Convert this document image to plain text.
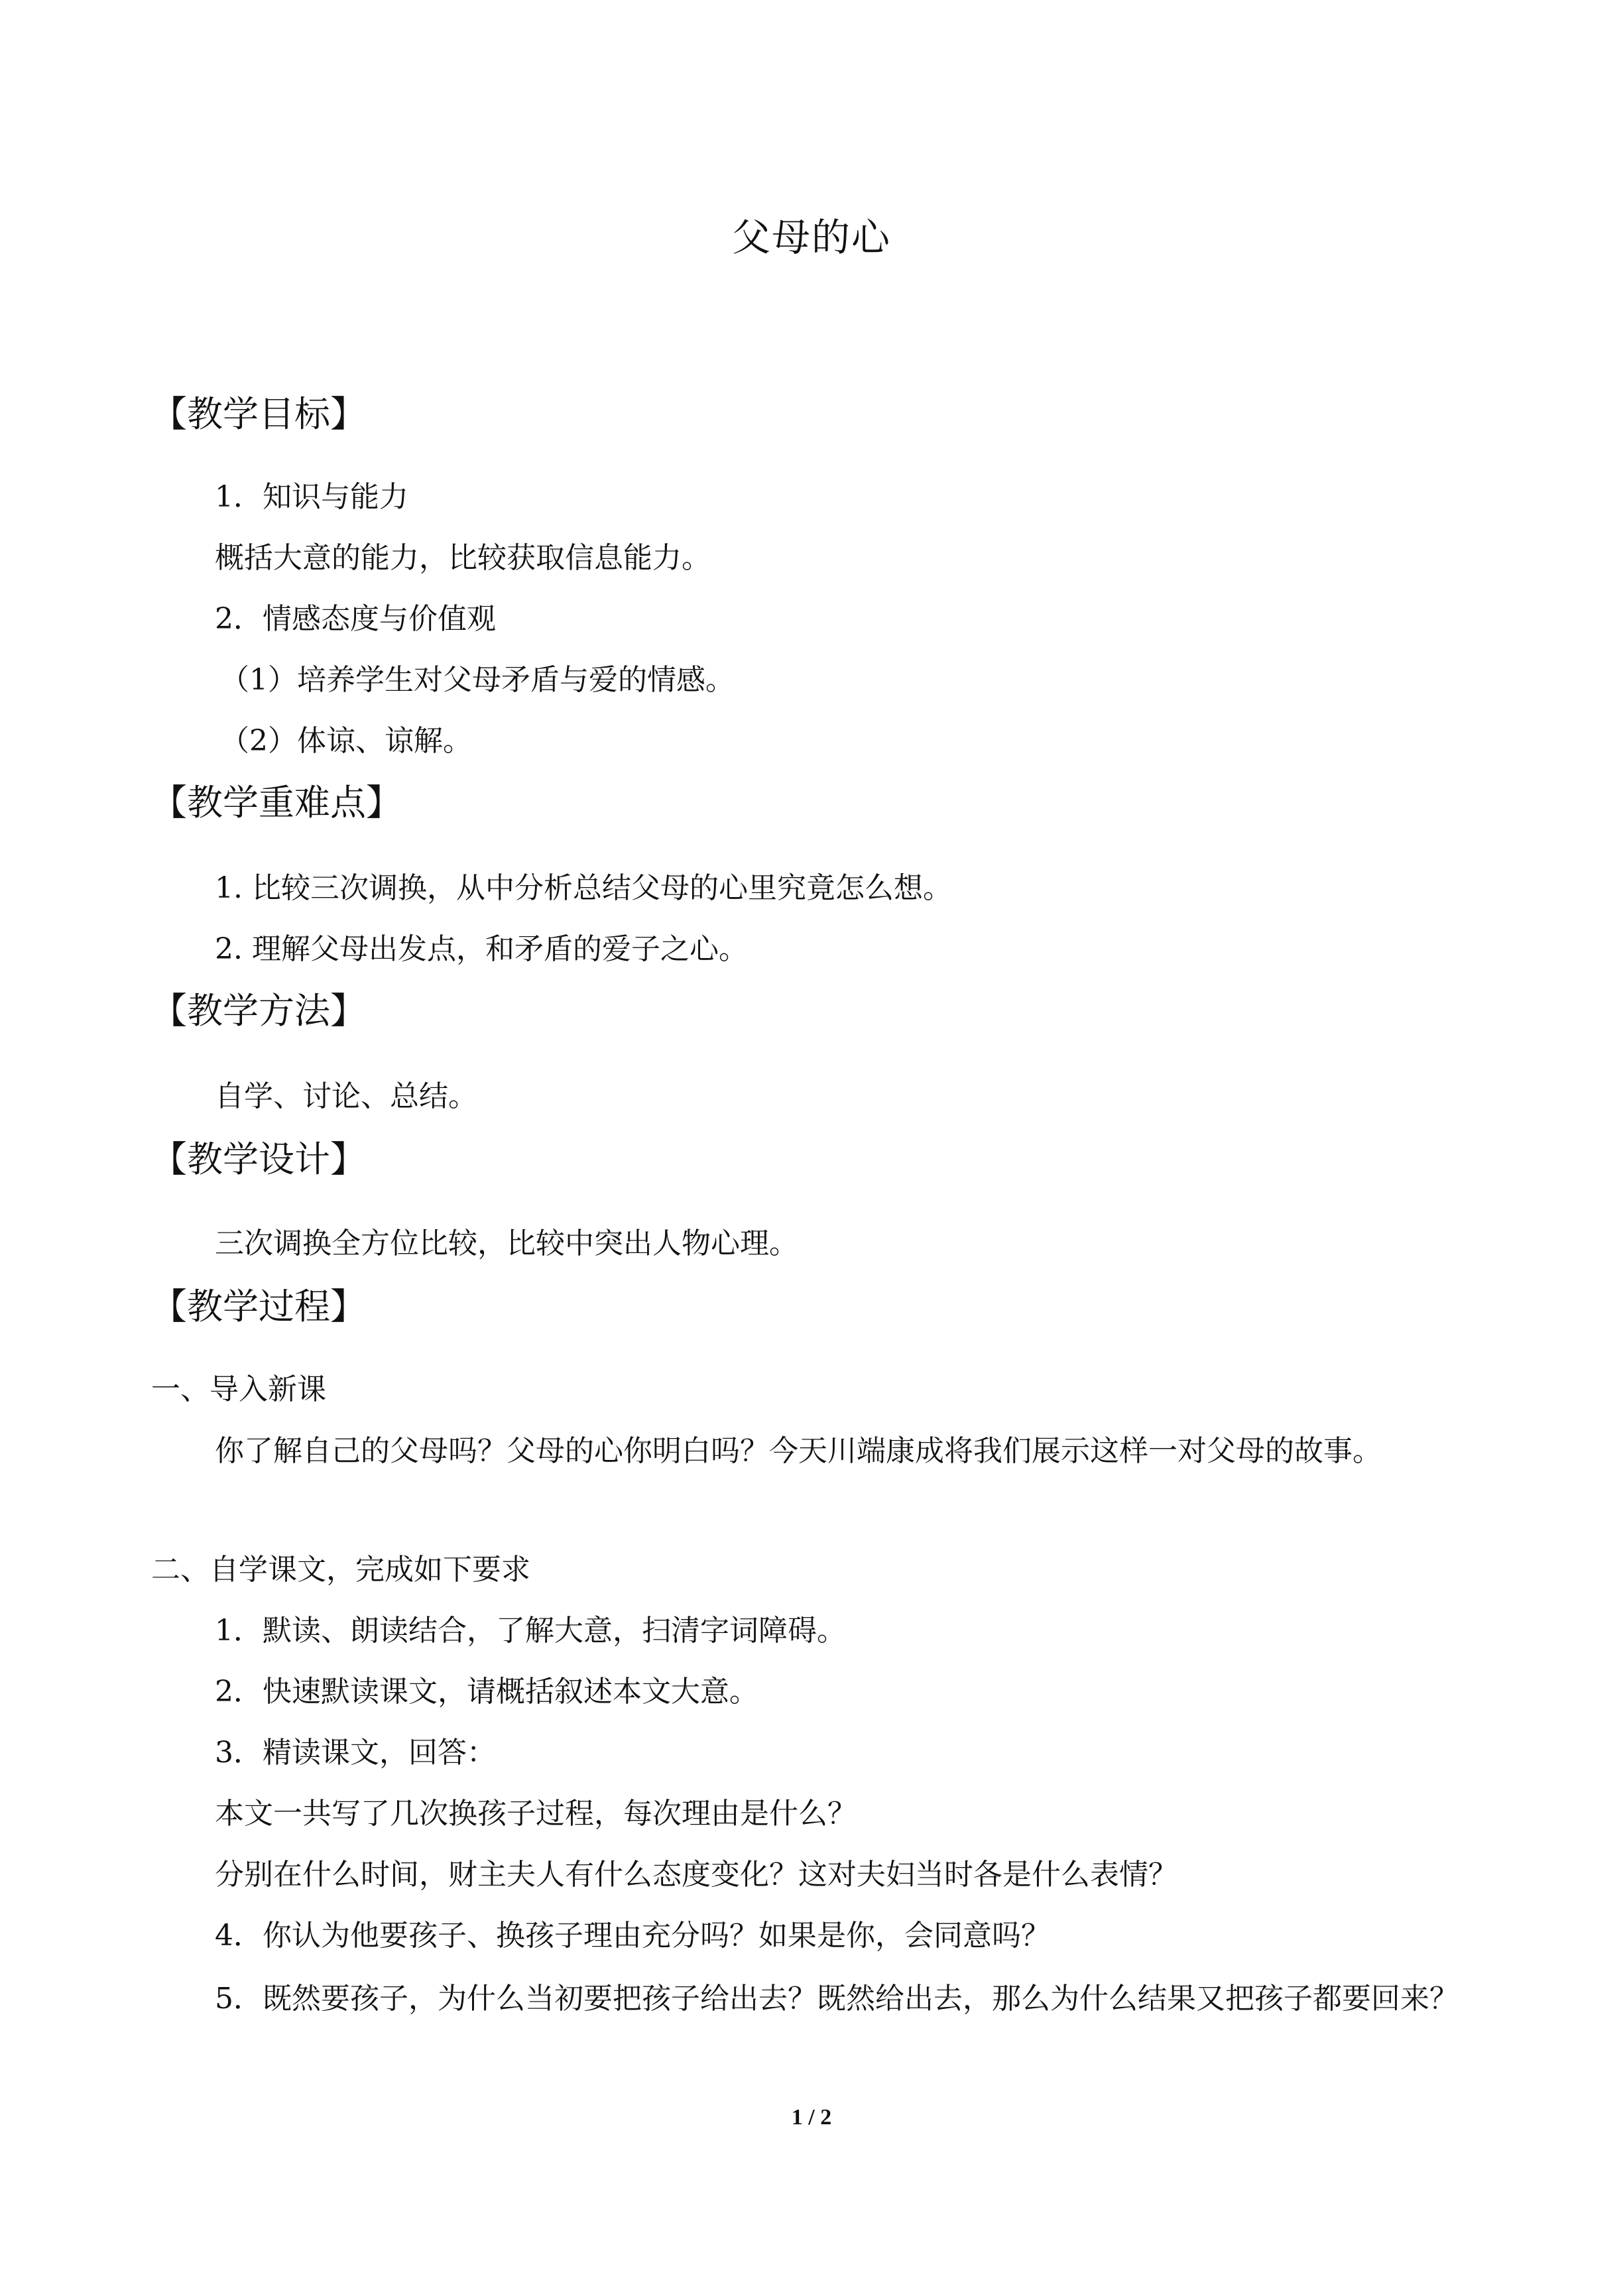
父母的心
【教学目标】
1．知识与能力
概括大意的能力，比较获取信息能力。
2．情感态度与价值观
（1）培养学生对父母矛盾与爱的情感。
（2）体谅、谅解。
【教学重难点】
1. 比较三次调换，从中分析总结父母的心里究竟怎么想。
2. 理解父母出发点，和矛盾的爱子之心。
【教学方法】
自学、讨论、总结。
【教学设计】
三次调换全方位比较，比较中突出人物心理。
【教学过程】
一、导入新课
你了解自己的父母吗？父母的心你明白吗？今天川端康成将我们展示这样一对父母的故事。
二、自学课文，完成如下要求
1．默读、朗读结合，了解大意，扫清字词障碍。
2．快速默读课文，请概括叙述本文大意。
3．精读课文，回答：
本文一共写了几次换孩子过程，每次理由是什么？
分别在什么时间，财主夫人有什么态度变化？这对夫妇当时各是什么表情？
4．你认为他要孩子、换孩子理由充分吗？如果是你，会同意吗？
5．既然要孩子，为什么当初要把孩子给出去？既然给出去，那么为什么结果又把孩子都要回来？
1 / 2
